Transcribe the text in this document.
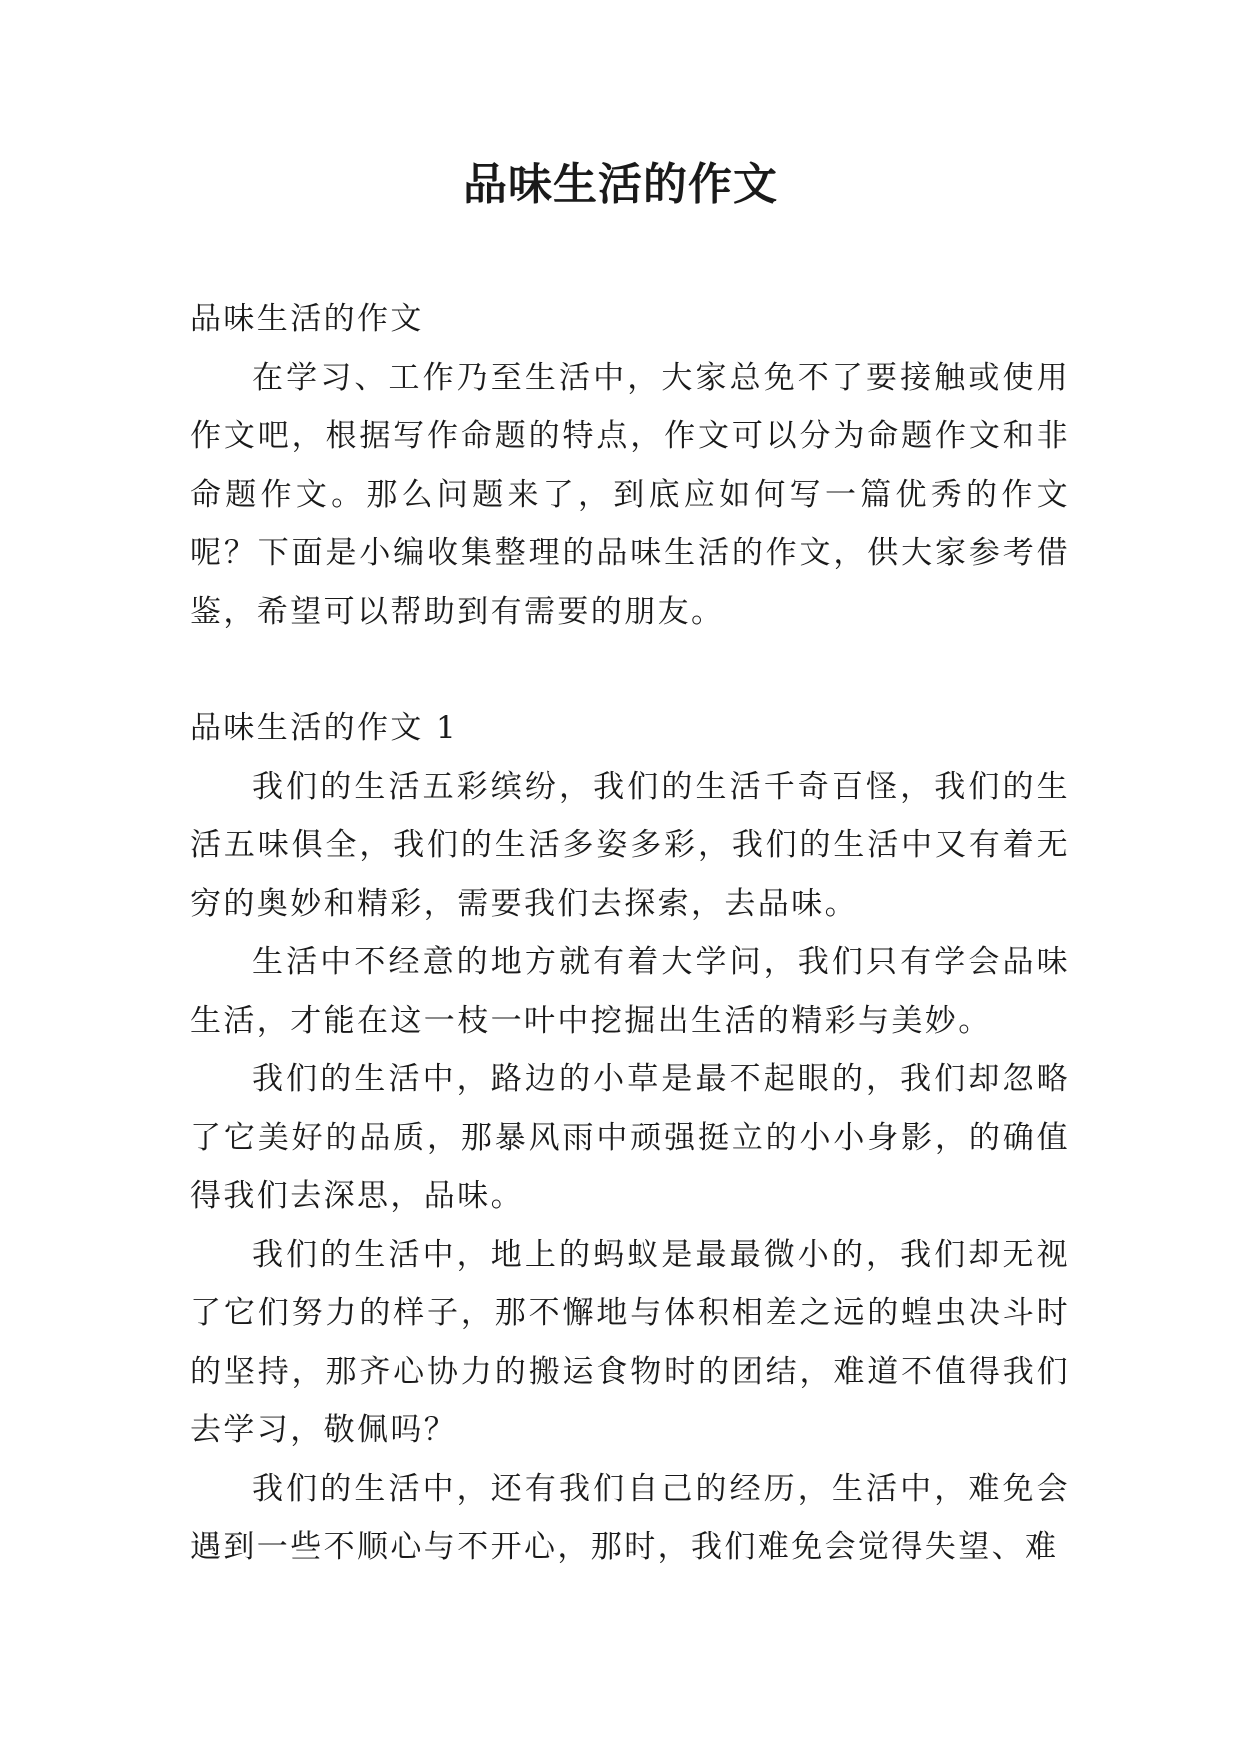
品味生活的作文

品味生活的作文

在学习、工作乃至生活中，大家总免不了要接触或使用作文吧，根据写作命题的特点，作文可以分为命题作文和非命题作文。那么问题来了，到底应如何写一篇优秀的作文呢？下面是小编收集整理的品味生活的作文，供大家参考借鉴，希望可以帮助到有需要的朋友。

品味生活的作文 1

我们的生活五彩缤纷，我们的生活千奇百怪，我们的生活五味俱全，我们的生活多姿多彩，我们的生活中又有着无穷的奥妙和精彩，需要我们去探索，去品味。

生活中不经意的地方就有着大学问，我们只有学会品味生活，才能在这一枝一叶中挖掘出生活的精彩与美妙。

我们的生活中，路边的小草是最不起眼的，我们却忽略了它美好的品质，那暴风雨中顽强挺立的小小身影，的确值得我们去深思，品味。

我们的生活中，地上的蚂蚁是最最微小的，我们却无视了它们努力的样子，那不懈地与体积相差之远的蝗虫决斗时的坚持，那齐心协力的搬运食物时的团结，难道不值得我们去学习，敬佩吗？

我们的生活中，还有我们自己的经历，生活中，难免会遇到一些不顺心与不开心，那时，我们难免会觉得失望、难
